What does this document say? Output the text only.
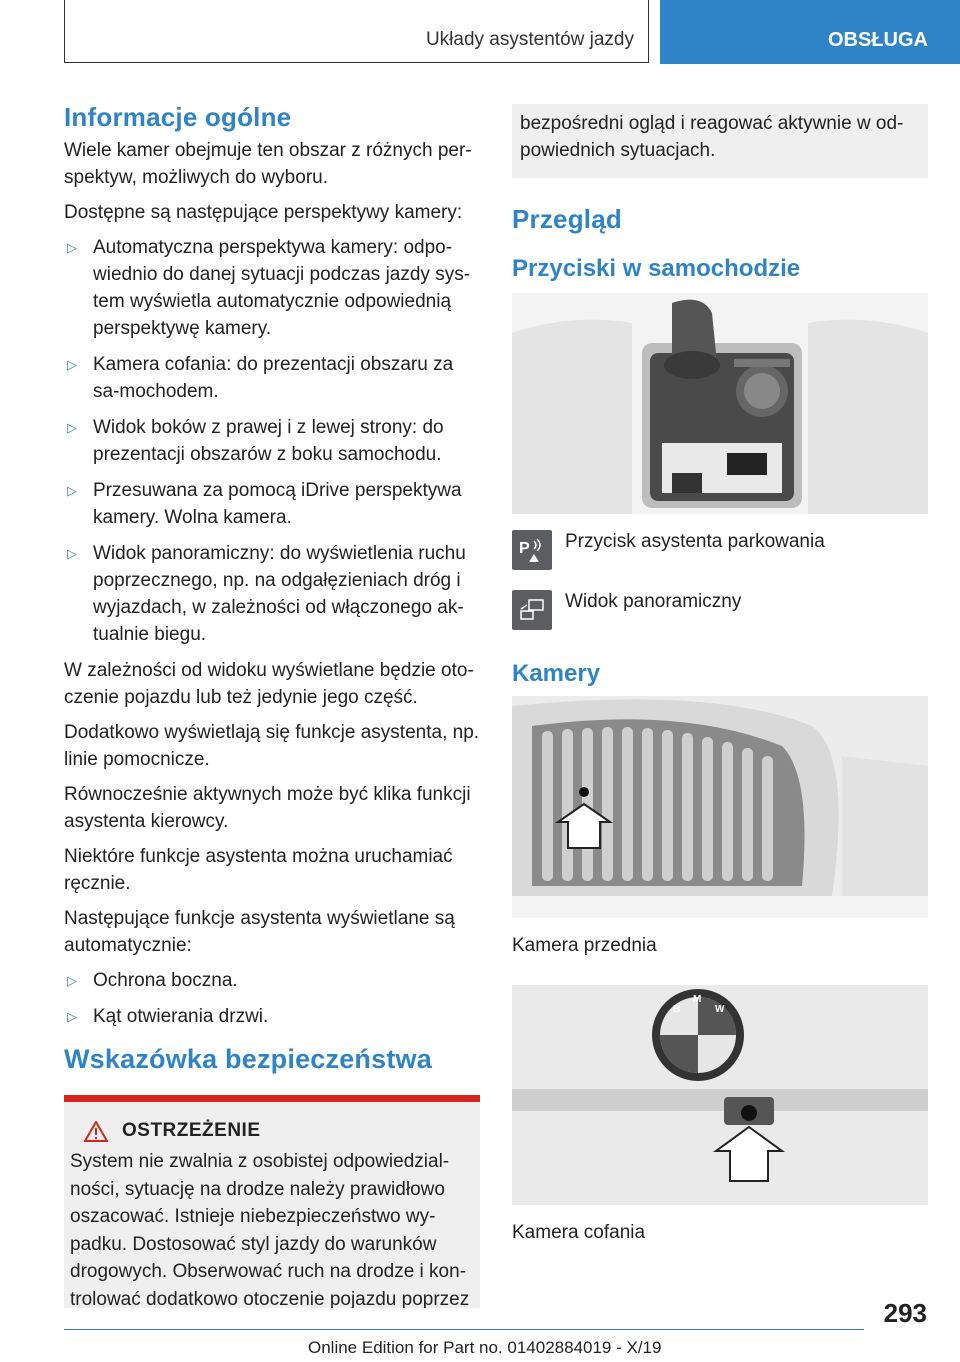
Układy asystentów jazdy	OBSŁUGA
Informacje ogólne

Wiele kamer obejmuje ten obszar z różnych per-spektyw, możliwych do wyboru.

Dostępne są następujące perspektywy kamery:

▷ Automatyczna perspektywa kamery: odpo-wiednio do danej sytuacji podczas jazdy sys-tem wyświetla automatycznie odpowiednią perspektywę kamery.
▷ Kamera cofania: do prezentacji obszaru za sa-mochodem.
▷ Widok boków z prawej i z lewej strony: do prezentacji obszarów z boku samochodu.
▷ Przesuwana za pomocą iDrive perspektywa kamery. Wolna kamera.
▷ Widok panoramiczny: do wyświetlenia ruchu poprzecznego, np. na odgałęzieniach dróg i wyjazdach, w zależności od włączonego ak-tualnie biegu.

W zależności od widoku wyświetlane będzie oto-czenie pojazdu lub też jedynie jego część.

Dodatkowo wyświetlają się funkcje asystenta, np. linie pomocnicze.

Równocześnie aktywnych może być klika funkcji asystenta kierowcy.

Niektóre funkcje asystenta można uruchamiać ręcznie.

Następujące funkcje asystenta wyświetlane są automatycznie:

▷ Ochrona boczna.
▷ Kąt otwierania drzwi.
Wskazówka bezpieczeństwa
OSTRZEŻENIE

System nie zwalnia z osobistej odpowiedzial-ności, sytuację na drodze należy prawidłowo oszacować. Istnieje niebezpieczeństwo wy-padku. Dostosować styl jazdy do warunków drogowych. Obserwować ruch na drodze i kon-trolować dodatkowo otoczenie pojazdu poprzez

bezpośredni ogląd i reagować aktywnie w od-powiednich sytuacjach.

Przegląd
Przyciski w samochodzie
P Przycisk asystenta parkowania
Widok panoramiczny
Kamery

Kamera przednia

B
M
W

Kamera cofania

293
Online Edition for Part no. 01402884019 - X/19
